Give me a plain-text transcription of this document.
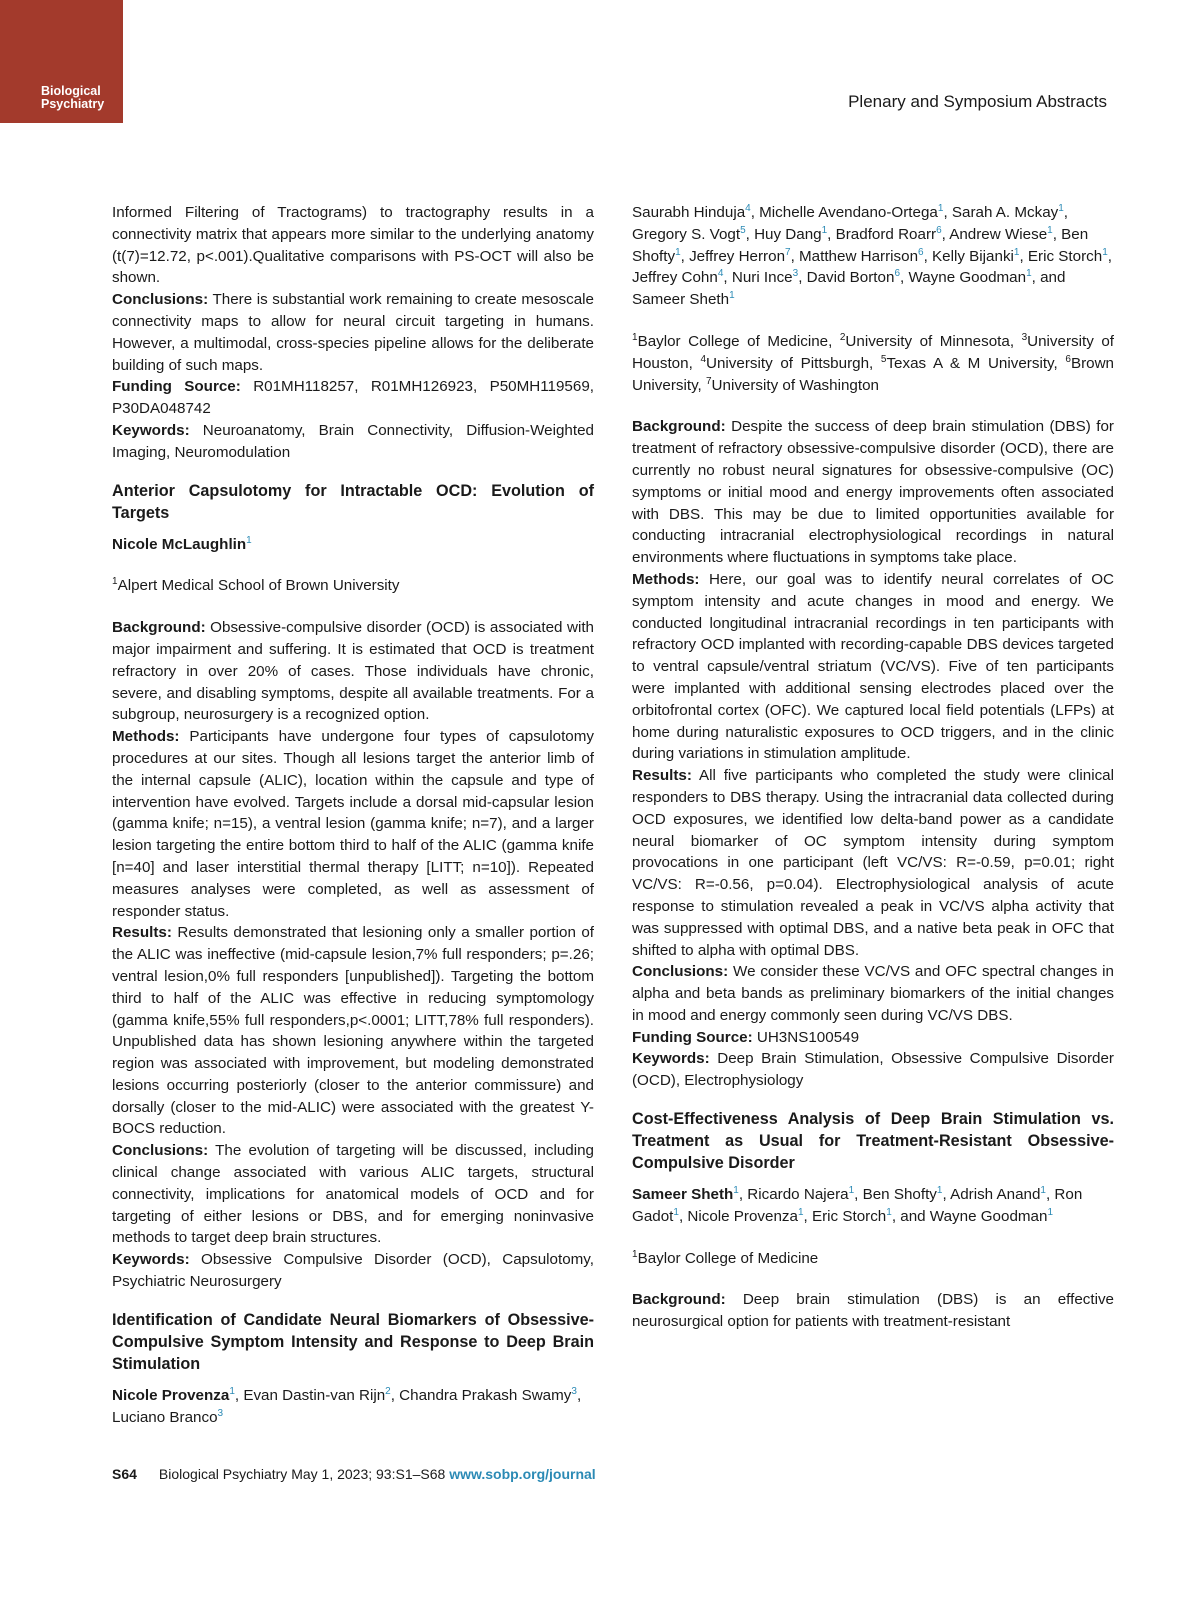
Biological
Psychiatry	Plenary and Symposium Abstracts

Informed Filtering of Tractograms) to tractography results in a connectivity matrix that appears more similar to the underlying anatomy (t(7)=12.72, p<.001).Qualitative comparisons with PS-OCT will also be shown.

Conclusions: There is substantial work remaining to create mesoscale connectivity maps to allow for neural circuit targeting in humans. However, a multimodal, cross-species pipeline allows for the deliberate building of such maps.

Funding Source: R01MH118257, R01MH126923, P50MH119569, P30DA048742

Keywords: Neuroanatomy, Brain Connectivity, Diffusion-Weighted Imaging, Neuromodulation

Anterior Capsulotomy for Intractable OCD: Evolution of Targets

Nicole McLaughlin$^1$

$^1$Alpert Medical School of Brown University

Background: Obsessive-compulsive disorder (OCD) is associated with major impairment and suffering. It is estimated that OCD is treatment refractory in over 20% of cases. Those individuals have chronic, severe, and disabling symptoms, despite all available treatments. For a subgroup, neurosurgery is a recognized option.

Methods: Participants have undergone four types of capsulotomy procedures at our sites. Though all lesions target the anterior limb of the internal capsule (ALIC), location within the capsule and type of intervention have evolved. Targets include a dorsal mid-capsular lesion (gamma knife; n=15), a ventral lesion (gamma knife; n=7), and a larger lesion targeting the entire bottom third to half of the ALIC (gamma knife [n=40] and laser interstitial thermal therapy [LITT; n=10]). Repeated measures analyses were completed, as well as assessment of responder status.

Results: Results demonstrated that lesioning only a smaller portion of the ALIC was ineffective (mid-capsule lesion,7% full responders; p=.26; ventral lesion,0% full responders [unpublished]). Targeting the bottom third to half of the ALIC was effective in reducing symptomology (gamma knife,55% full responders,p<.0001; LITT,78% full responders). Unpublished data has shown lesioning anywhere within the targeted region was associated with improvement, but modeling demonstrated lesions occurring posteriorly (closer to the anterior commissure) and dorsally (closer to the mid-ALIC) were associated with the greatest Y-BOCS reduction.

Conclusions: The evolution of targeting will be discussed, including clinical change associated with various ALIC targets, structural connectivity, implications for anatomical models of OCD and for targeting of either lesions or DBS, and for emerging noninvasive methods to target deep brain structures.

Keywords: Obsessive Compulsive Disorder (OCD), Capsulotomy, Psychiatric Neurosurgery

Identification of Candidate Neural Biomarkers of Obsessive-Compulsive Symptom Intensity and Response to Deep Brain Stimulation

Nicole Provenza$^1$, Evan Dastin-van Rijn$^2$, Chandra Prakash Swamy$^3$, Luciano Branco$^3$

Saurabh Hinduja$^4$, Michelle Avendano-Ortega$^1$, Sarah A. Mckay$^1$, Gregory S. Vogt$^5$, Huy Dang$^1$, Bradford Roarr$^6$, Andrew Wiese$^1$, Ben Shofty$^1$, Jeffrey Herron$^7$, Matthew Harrison$^6$, Kelly Bijanki$^1$, Eric Storch$^1$, Jeffrey Cohn$^4$, Nuri Ince$^3$, David Borton$^6$, Wayne Goodman$^1$, and Sameer Sheth$^1$

$^1$Baylor College of Medicine, $^2$University of Minnesota, $^3$University of Houston, $^4$University of Pittsburgh, $^5$Texas A & M University, $^6$Brown University, $^7$University of Washington

Background: Despite the success of deep brain stimulation (DBS) for treatment of refractory obsessive-compulsive disorder (OCD), there are currently no robust neural signatures for obsessive-compulsive (OC) symptoms or initial mood and energy improvements often associated with DBS. This may be due to limited opportunities available for conducting intracranial electrophysiological recordings in natural environments where fluctuations in symptoms take place.

Methods: Here, our goal was to identify neural correlates of OC symptom intensity and acute changes in mood and energy. We conducted longitudinal intracranial recordings in ten participants with refractory OCD implanted with recording-capable DBS devices targeted to ventral capsule/ventral striatum (VC/VS). Five of ten participants were implanted with additional sensing electrodes placed over the orbitofrontal cortex (OFC). We captured local field potentials (LFPs) at home during naturalistic exposures to OCD triggers, and in the clinic during variations in stimulation amplitude.

Results: All five participants who completed the study were clinical responders to DBS therapy. Using the intracranial data collected during OCD exposures, we identified low delta-band power as a candidate neural biomarker of OC symptom intensity during symptom provocations in one participant (left VC/VS: R=-0.59, p=0.01; right VC/VS: R=-0.56, p=0.04). Electrophysiological analysis of acute response to stimulation revealed a peak in VC/VS alpha activity that was suppressed with optimal DBS, and a native beta peak in OFC that shifted to alpha with optimal DBS.

Conclusions: We consider these VC/VS and OFC spectral changes in alpha and beta bands as preliminary biomarkers of the initial changes in mood and energy commonly seen during VC/VS DBS.

Funding Source: UH3NS100549

Keywords: Deep Brain Stimulation, Obsessive Compulsive Disorder (OCD), Electrophysiology

Cost-Effectiveness Analysis of Deep Brain Stimulation vs. Treatment as Usual for Treatment-Resistant Obsessive-Compulsive Disorder

Sameer Sheth$^1$, Ricardo Najera$^1$, Ben Shofty$^1$, Adrish Anand$^1$, Ron Gadot$^1$, Nicole Provenza$^1$, Eric Storch$^1$, and Wayne Goodman$^1$

$^1$Baylor College of Medicine

Background: Deep brain stimulation (DBS) is an effective neurosurgical option for patients with treatment-resistant

S64 Biological Psychiatry May 1, 2023; 93:S1–S68 www.sobp.org/journal
